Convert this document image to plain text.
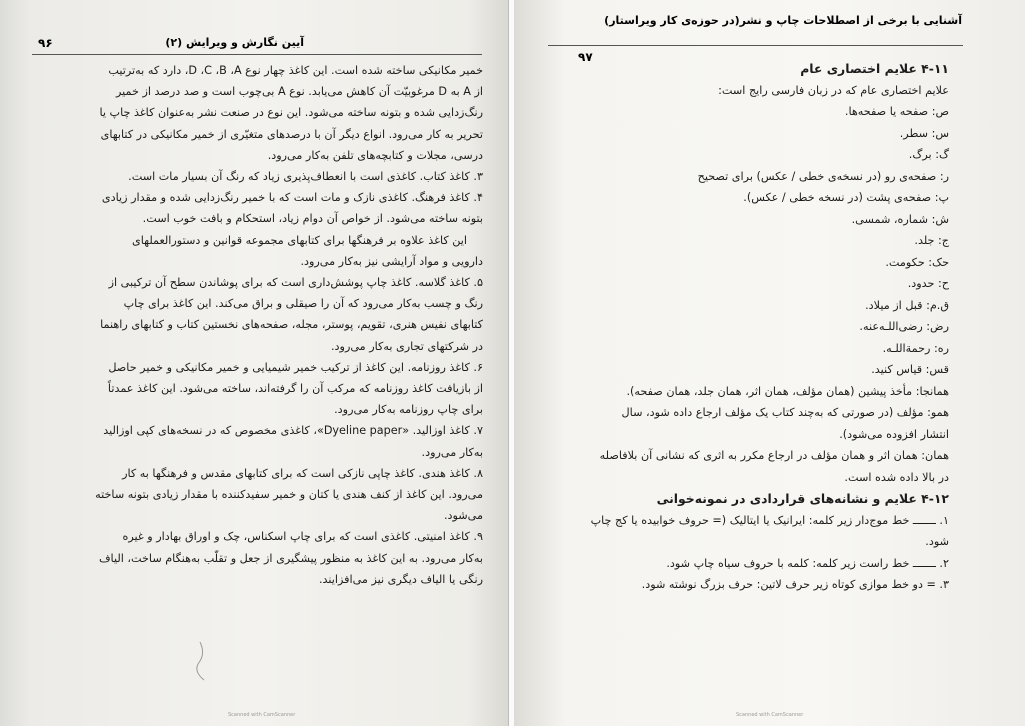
۹۶	آیین نگارش و ویرایش (۲)

خمیر مکانیکی ساخته شده است. این کاغذ چهار نوع D ،C ،B ،A، دارد که به‌ترتیب

از A به D مرغوبیّت آن کاهش می‌یابد. نوع A بی‌چوب است و صد درصد از خمیر

رنگ‌زدایی شده و بتونه ساخته می‌شود. این نوع در صنعت نشر به‌عنوان کاغذ چاپ یا

تحریر به کار می‌رود. انواع دیگر آن با درصدهای متغیّری از خمیر مکانیکی در کتابهای

درسی، مجلات و کتابچه‌های تلفن به‌کار می‌رود.

۳. کاغذ کتاب. کاغذی است با انعطاف‌پذیری زیاد که رنگ آن بسیار مات است.

۴. کاغذ فرهنگ. کاغذی نازک و مات است که با خمیر رنگ‌زدایی شده و مقدار زیادی

بتونه ساخته می‌شود. از خواص آن دوام زیاد، استحکام و بافت خوب است.

این کاغذ علاوه بر فرهنگها برای کتابهای مجموعه قوانین و دستورالعملهای

دارویی و مواد آرایشی نیز به‌کار می‌رود.

۵. کاغذ گلاسه. کاغذ چاپ پوشش‌داری است که برای پوشاندن سطح آن ترکیبی از

رنگ و چسب به‌کار می‌رود که آن را صیقلی و براق می‌کند. این کاغذ برای چاپ

کتابهای نفیس هنری، تقویم، پوستر، مجله، صفحه‌های نخستین کتاب و کتابهای راهنما

در شرکتهای تجاری به‌کار می‌رود.

۶. کاغذ روزنامه. این کاغذ از ترکیب خمیر شیمیایی و خمیر مکانیکی و خمیر حاصل

از بازیافت کاغذ روزنامه که مرکب آن را گرفته‌اند، ساخته می‌شود. این کاغذ عمدتاً

برای چاپ روزنامه به‌کار می‌رود.

۷. کاغذ اوزالید. «Dyeline paper»، کاغذی مخصوص که در نسخه‌های کپی اوزالید

به‌کار می‌رود.

۸. کاغذ هندی. کاغذ چاپی نازکی است که برای کتابهای مقدس و فرهنگها به کار

می‌رود. این کاغذ از کنف هندی یا کتان و خمیر سفیدکننده با مقدار زیادی بتونه ساخته

می‌شود.

۹. کاغذ امنیتی. کاغذی است که برای چاپ اسکناس، چک و اوراق بهادار و غیره

به‌کار می‌رود. به این کاغذ به منظور پیشگیری از جعل و تقلّب به‌هنگام ساخت، الیاف

رنگی یا الیاف دیگری نیز می‌افزایند.

Scanned with CamScanner
آشنایی با برخی از اصطلاحات چاپ و نشر(در حوزه‌ی کار ویراستار)
۹۷

۴-۱۱ علایم اختصاری عام

علایم اختصاری عام که در زبان فارسی رایج است:

ص: صفحه یا صفحه‌ها.

س: سطر.

گ: برگ.

ر: صفحه‌ی رو (در نسخه‌ی خطی / عکس) برای تصحیح

پ: صفحه‌ی پشت (در نسخه خطی / عکس).

ش: شماره، شمسی.

ج: جلد.

حک: حکومت.

ح: حدود.

ق.م: قبل از میلاد.

رض: رضی‌اللـه‌عنه.

ره: رحمة‌اللـه.

قس: قیاس کنید.

همانجا: مأخذ پیشین (همان مؤلف، همان اثر، همان جلد، همان صفحه).

همو: مؤلف (در صورتی که به‌چند کتاب یک مؤلف ارجاع داده شود، سال

انتشار افزوده می‌شود).

همان: همان اثر و همان مؤلف در ارجاع مکرر به اثری که نشانی آن بلافاصله

در بالا داده شده است.

۴-۱۲ علایم و نشانه‌های قراردادی در نمونه‌خوانی

۱. ـــــــ خط موج‌دار زیر کلمه: ایرانیک یا ایتالیک (= حروف خوابیده یا کج چاپ

شود.

۲. ـــــــ خط راست زیر کلمه: کلمه با حروف سیاه چاپ شود.

۳. = دو خط موازی کوتاه زیر حرف لاتین: حرف بزرگ نوشته شود.

Scanned with CamScanner
